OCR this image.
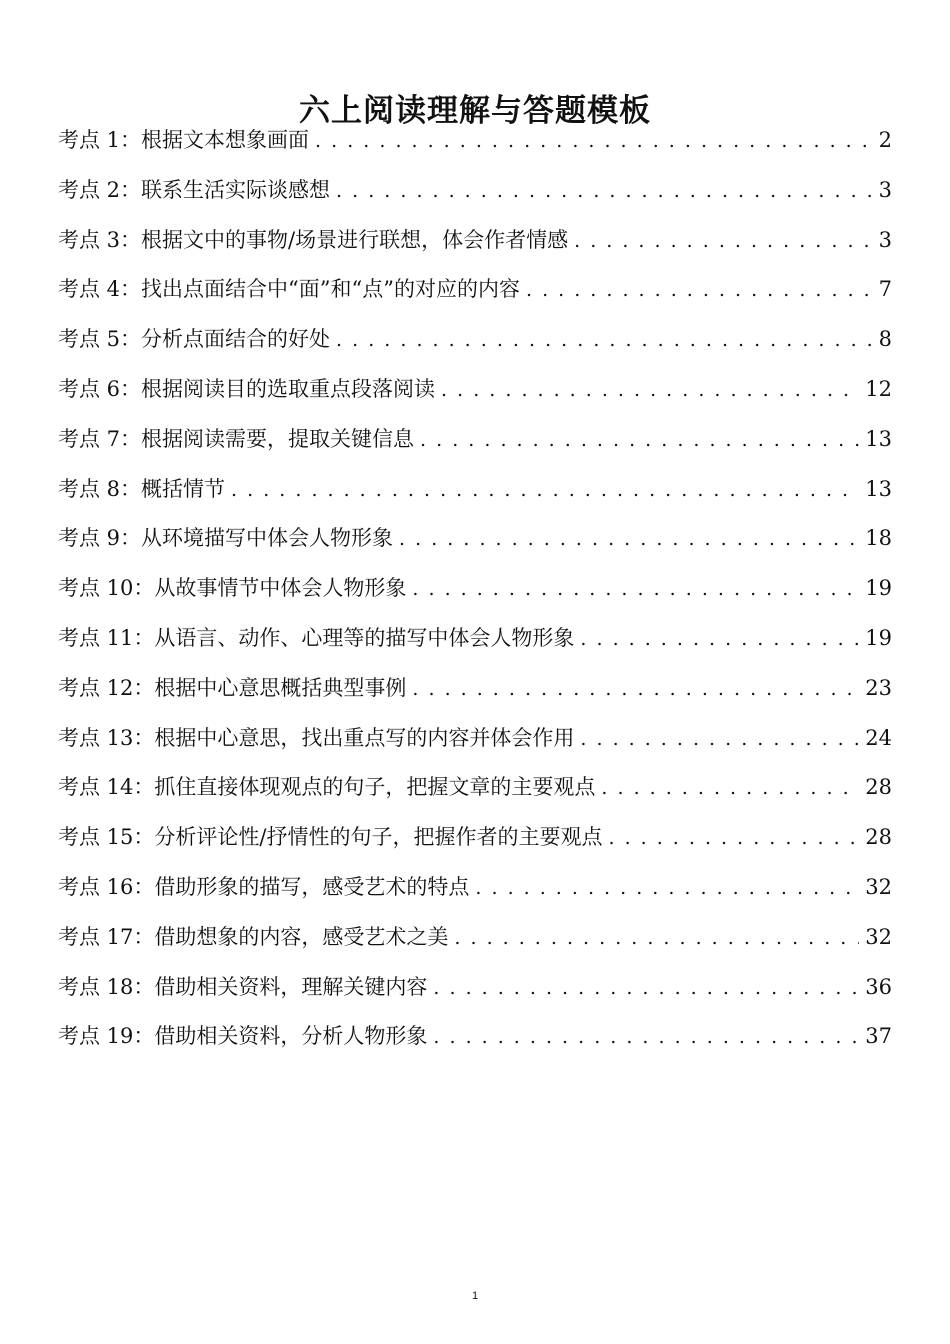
六上阅读理解与答题模板
考点 1：根据文本想象画面 . . .	2
考点 2：联系生活实际谈感想 . . .	3
考点 3：根据文中的事物/场景进行联想，体会作者情感 . . .	3
考点 4：找出点面结合中“面”和“点”的对应的内容 . . .	7
考点 5：分析点面结合的好处 . . .	8
考点 6：根据阅读目的选取重点段落阅读 . . .	12
考点 7：根据阅读需要，提取关键信息 . . .	13
考点 8：概括情节 . . .	13
考点 9：从环境描写中体会人物形象 . . .	18
考点 10：从故事情节中体会人物形象 . . .	19
考点 11：从语言、动作、心理等的描写中体会人物形象 . . .	19
考点 12：根据中心意思概括典型事例 . . .	23
考点 13：根据中心意思，找出重点写的内容并体会作用 . . .	24
考点 14：抓住直接体现观点的句子，把握文章的主要观点 . . .	28
考点 15：分析评论性/抒情性的句子，把握作者的主要观点 . . .	28
考点 16：借助形象的描写，感受艺术的特点 . . .	32
考点 17：借助想象的内容，感受艺术之美 . . .	32
考点 18：借助相关资料，理解关键内容 . . .	36
考点 19：借助相关资料，分析人物形象 . . .	37
1
